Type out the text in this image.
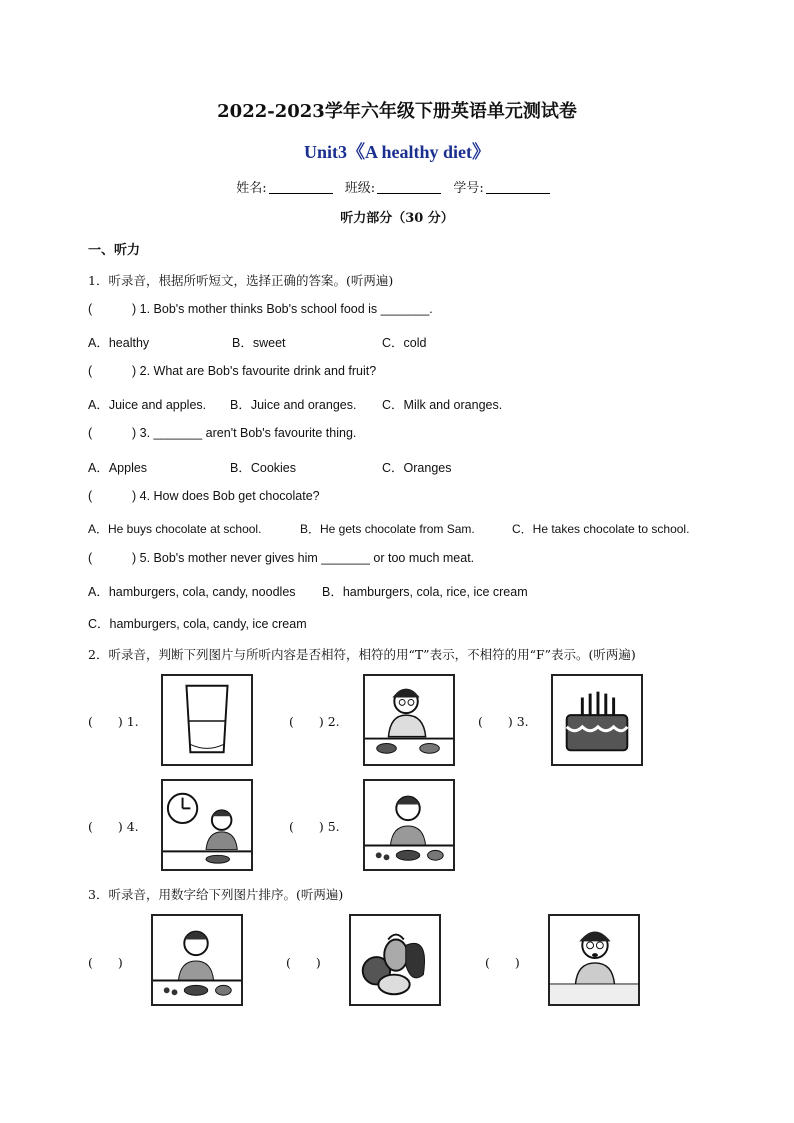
2022-2023学年六年级下册英语单元测试卷
Unit3《A healthy diet》
姓名:	班级:	学号:
听力部分（30 分）
一、听力
1．听录音，根据所听短文，选择正确的答案。(听两遍)
(	) 1. Bob's mother thinks Bob's school food is _______.
A．healthy	B．sweet	C．cold
(	) 2. What are Bob's favourite drink and fruit?
A．Juice and apples. B．Juice and oranges. C．Milk and oranges.
(	) 3. _______ aren't Bob's favourite thing.
A．Apples	B．Cookies	C．Oranges
(	) 4. How does Bob get chocolate?
A．He buys chocolate at school.	B．He gets chocolate from Sam.	C．He takes chocolate to school.
(	) 5. Bob's mother never gives him _______ or too much meat.
A．hamburgers, cola, candy, noodles B．hamburgers, cola, rice, ice cream
C．hamburgers, cola, candy, ice cream
2．听录音，判断下列图片与所听内容是否相符，相符的用“T”表示，不相符的用“F”表示。(听两遍)
(　　) 1.	(　　) 2.	(　　) 3.
(　　) 4.	(　　) 5.
3．听录音，用数字给下列图片排序。(听两遍)
(　　)	(　　)	(　　)
